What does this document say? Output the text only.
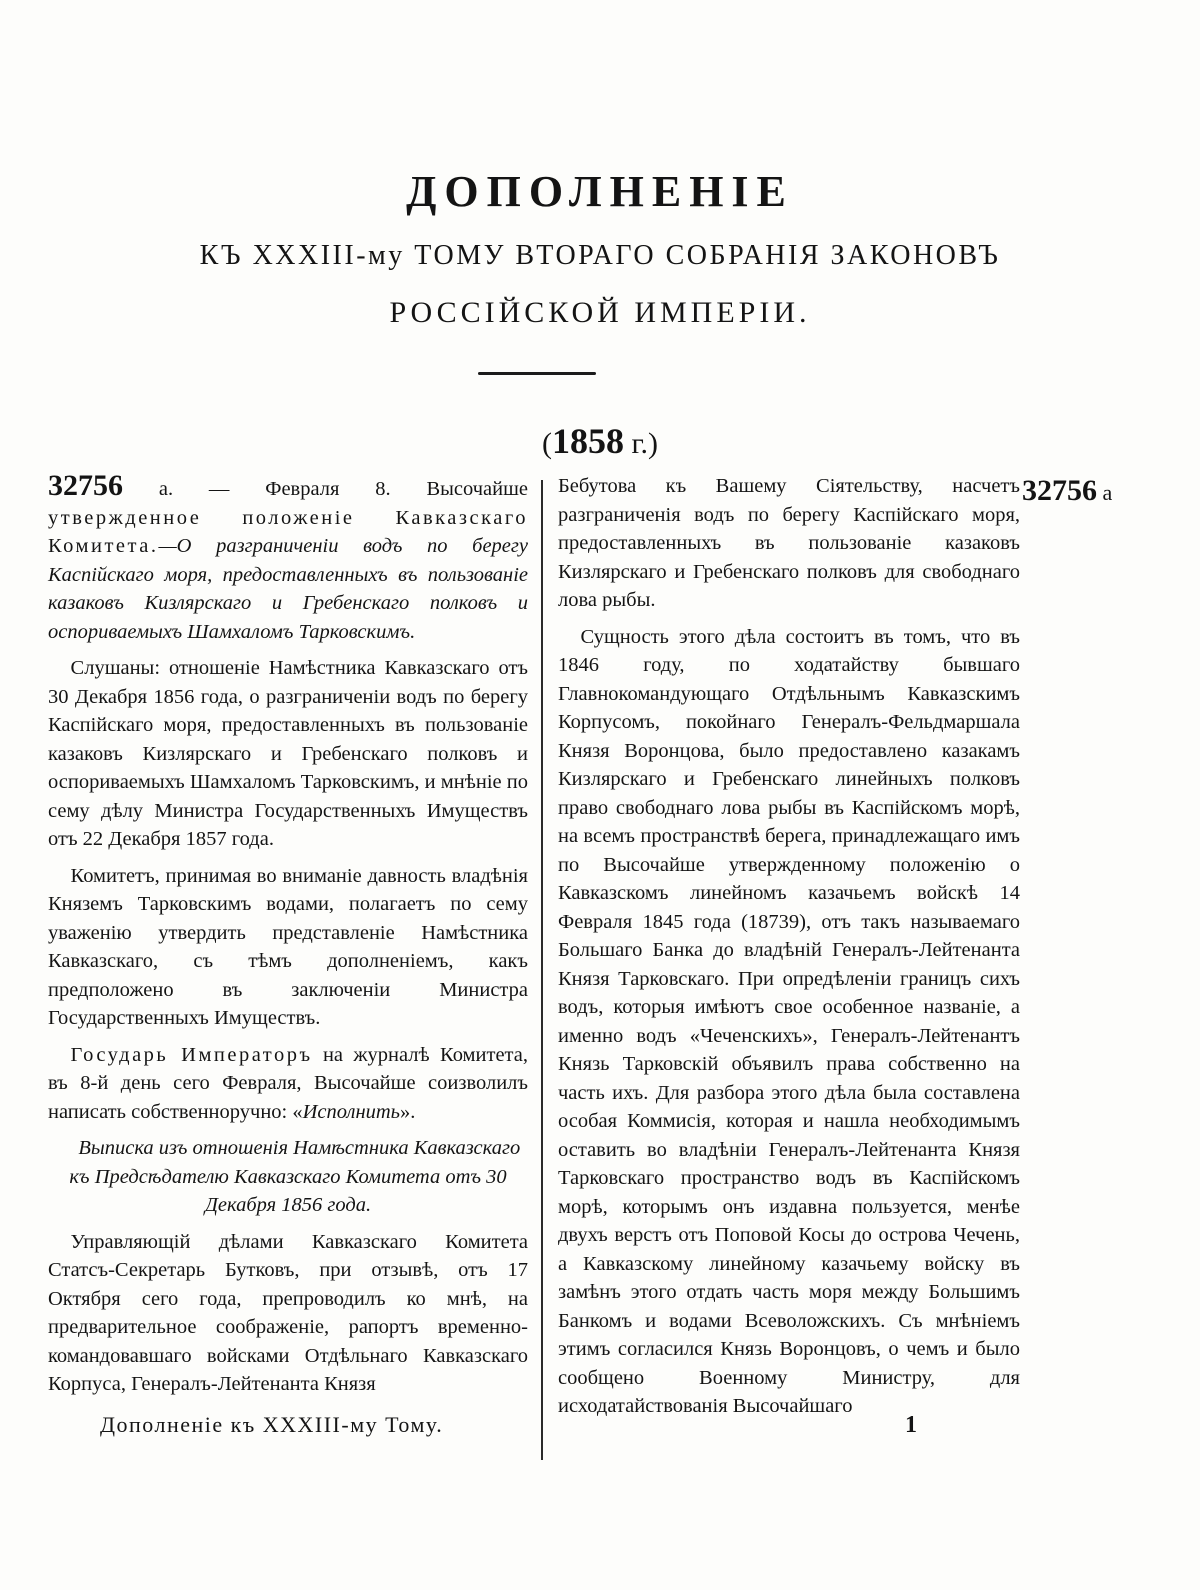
ДОПОЛНЕНІЕ
КЪ XXXIII-му ТОМУ ВТОРАГО СОБРАНІЯ ЗАКОНОВЪ
РОССІЙСКОЙ ИМПЕРІИ.
(1858 г.)
32756 а

32756 а. — Февраля 8. Высочайше утвержденное положеніе Кавказскаго Комитета.—О разграниченіи водъ по берегу Каспійскаго моря, предоставленныхъ въ пользованіе казаковъ Кизлярскаго и Гребенскаго полковъ и оспориваемыхъ Шамхаломъ Тарковскимъ.

Слушаны: отношеніе Намѣстника Кавказскаго отъ 30 Декабря 1856 года, о разграниченіи водъ по берегу Каспійскаго моря, предоставленныхъ въ пользованіе казаковъ Кизлярскаго и Гребенскаго полковъ и оспориваемыхъ Шамхаломъ Тарковскимъ, и мнѣніе по сему дѣлу Министра Государственныхъ Имуществъ отъ 22 Декабря 1857 года.

Комитетъ, принимая во вниманіе давность владѣнія Княземъ Тарковскимъ водами, полагаетъ по сему уваженію утвердить представленіе Намѣстника Кавказскаго, съ тѣмъ дополненіемъ, какъ предположено въ заключеніи Министра Государственныхъ Имуществъ.

Государь Императоръ на журналѣ Комитета, въ 8-й день сего Февраля, Высочайше соизволилъ написать собственноручно: «Исполнить».

Выписка изъ отношенія Намѣстника Кавказскаго къ Предсѣдателю Кавказскаго Комитета отъ 30 Декабря 1856 года.

Управляющій дѣлами Кавказскаго Комитета Статсъ-Секретарь Бутковъ, при отзывѣ, отъ 17 Октября сего года, препроводилъ ко мнѣ, на предварительное соображеніе, рапортъ временно-командовавшаго войсками Отдѣльнаго Кавказскаго Корпуса, Генералъ-Лейтенанта Князя

Бебутова къ Вашему Сіятельству, насчетъ разграниченія водъ по берегу Каспійскаго моря, предоставленныхъ въ пользованіе казаковъ Кизлярскаго и Гребенскаго полковъ для свободнаго лова рыбы.

Сущность этого дѣла состоитъ въ томъ, что въ 1846 году, по ходатайству бывшаго Главнокомандующаго Отдѣльнымъ Кавказскимъ Корпусомъ, покойнаго Генералъ-Фельдмаршала Князя Воронцова, было предоставлено казакамъ Кизлярскаго и Гребенскаго линейныхъ полковъ право свободнаго лова рыбы въ Каспійскомъ морѣ, на всемъ пространствѣ берега, принадлежащаго имъ по Высочайше утвержденному положенію о Кавказскомъ линейномъ казачьемъ войскѣ 14 Февраля 1845 года (18739), отъ такъ называемаго Большаго Банка до владѣній Генералъ-Лейтенанта Князя Тарковскаго. При опредѣленіи границъ сихъ водъ, которыя имѣютъ свое особенное названіе, а именно водъ «Чеченскихъ», Генералъ-Лейтенантъ Князь Тарковскій объявилъ права собственно на часть ихъ. Для разбора этого дѣла была составлена особая Коммисія, которая и нашла необходимымъ оставить во владѣніи Генералъ-Лейтенанта Князя Тарковскаго пространство водъ въ Каспійскомъ морѣ, которымъ онъ издавна пользуется, менѣе двухъ верстъ отъ Поповой Косы до острова Чечень, а Кавказскому линейному казачьему войску въ замѣнъ этого отдать часть моря между Большимъ Банкомъ и водами Всеволожскихъ. Съ мнѣніемъ этимъ согласился Князь Воронцовъ, о чемъ и было сообщено Военному Министру, для исходатайствованія Высочайшаго

Дополненіе къ XXXIII-му Тому.	1
